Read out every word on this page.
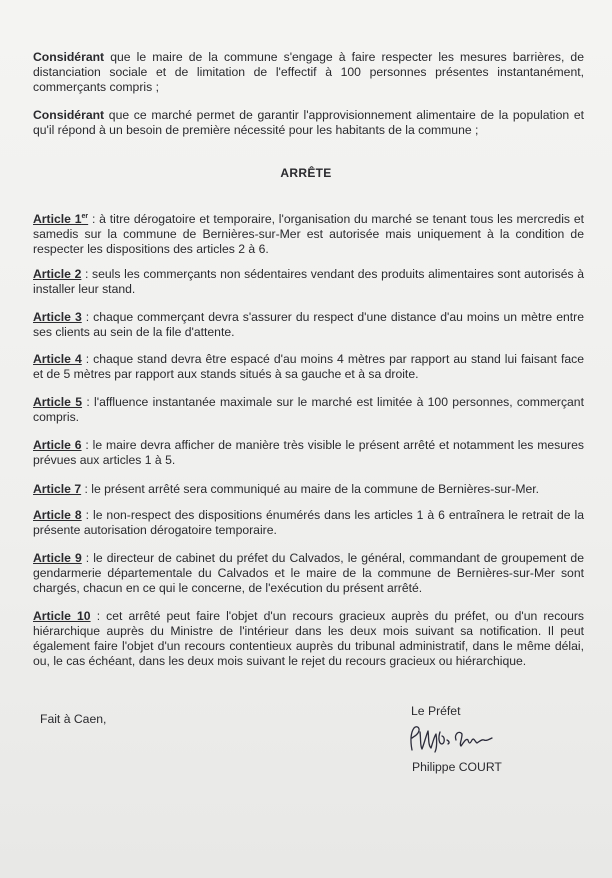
Considérant que le maire de la commune s'engage à faire respecter les mesures barrières, de distanciation sociale et de limitation de l'effectif à 100 personnes présentes instantanément, commerçants compris ;

Considérant que ce marché permet de garantir l'approvisionnement alimentaire de la population et qu'il répond à un besoin de première nécessité pour les habitants de la commune ;

ARRÊTE

Article 1er : à titre dérogatoire et temporaire, l'organisation du marché se tenant tous les mercredis et samedis sur la commune de Bernières-sur-Mer est autorisée mais uniquement à la condition de respecter les dispositions des articles 2 à 6.

Article 2 : seuls les commerçants non sédentaires vendant des produits alimentaires sont autorisés à installer leur stand.

Article 3 : chaque commerçant devra s'assurer du respect d'une distance d'au moins un mètre entre ses clients au sein de la file d'attente.

Article 4 : chaque stand devra être espacé d'au moins 4 mètres par rapport au stand lui faisant face et de 5 mètres par rapport aux stands situés à sa gauche et à sa droite.

Article 5 : l'affluence instantanée maximale sur le marché est limitée à 100 personnes, commerçant compris.

Article 6 : le maire devra afficher de manière très visible le présent arrêté et notamment les mesures prévues aux articles 1 à 5.

Article 7 : le présent arrêté sera communiqué au maire de la commune de Bernières-sur-Mer.

Article 8 : le non-respect des dispositions énumérés dans les articles 1 à 6 entraînera le retrait de la présente autorisation dérogatoire temporaire.

Article 9 : le directeur de cabinet du préfet du Calvados, le général, commandant de groupement de gendarmerie départementale du Calvados et le maire de la commune de Bernières-sur-Mer sont chargés, chacun en ce qui le concerne, de l'exécution du présent arrêté.

Article 10 : cet arrêté peut faire l'objet d'un recours gracieux auprès du préfet, ou d'un recours hiérarchique auprès du Ministre de l'intérieur dans les deux mois suivant sa notification. Il peut également faire l'objet d'un recours contentieux auprès du tribunal administratif, dans le même délai, ou, le cas échéant, dans les deux mois suivant le rejet du recours gracieux ou hiérarchique.

Fait à Caen,
Le Préfet
Philippe COURT
